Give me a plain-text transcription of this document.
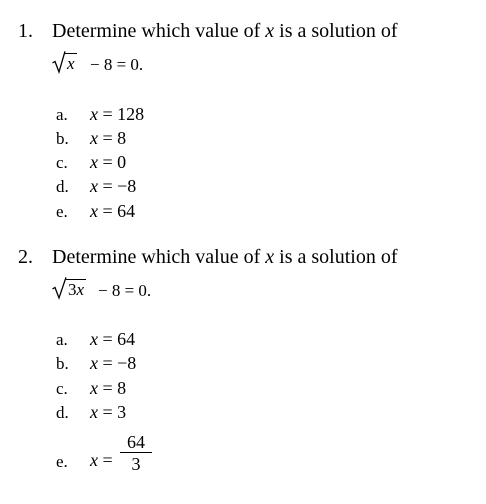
1. Determine which value of x is a solution of
x − 8 = 0.
a. x = 128
b. x = 8
c. x = 0
d. x = −8
e. x = 64
2. Determine which value of x is a solution of
3x − 8 = 0.
a. x = 64
b. x = −8
c. x = 8
d. x = 3
e. x =
64
3
